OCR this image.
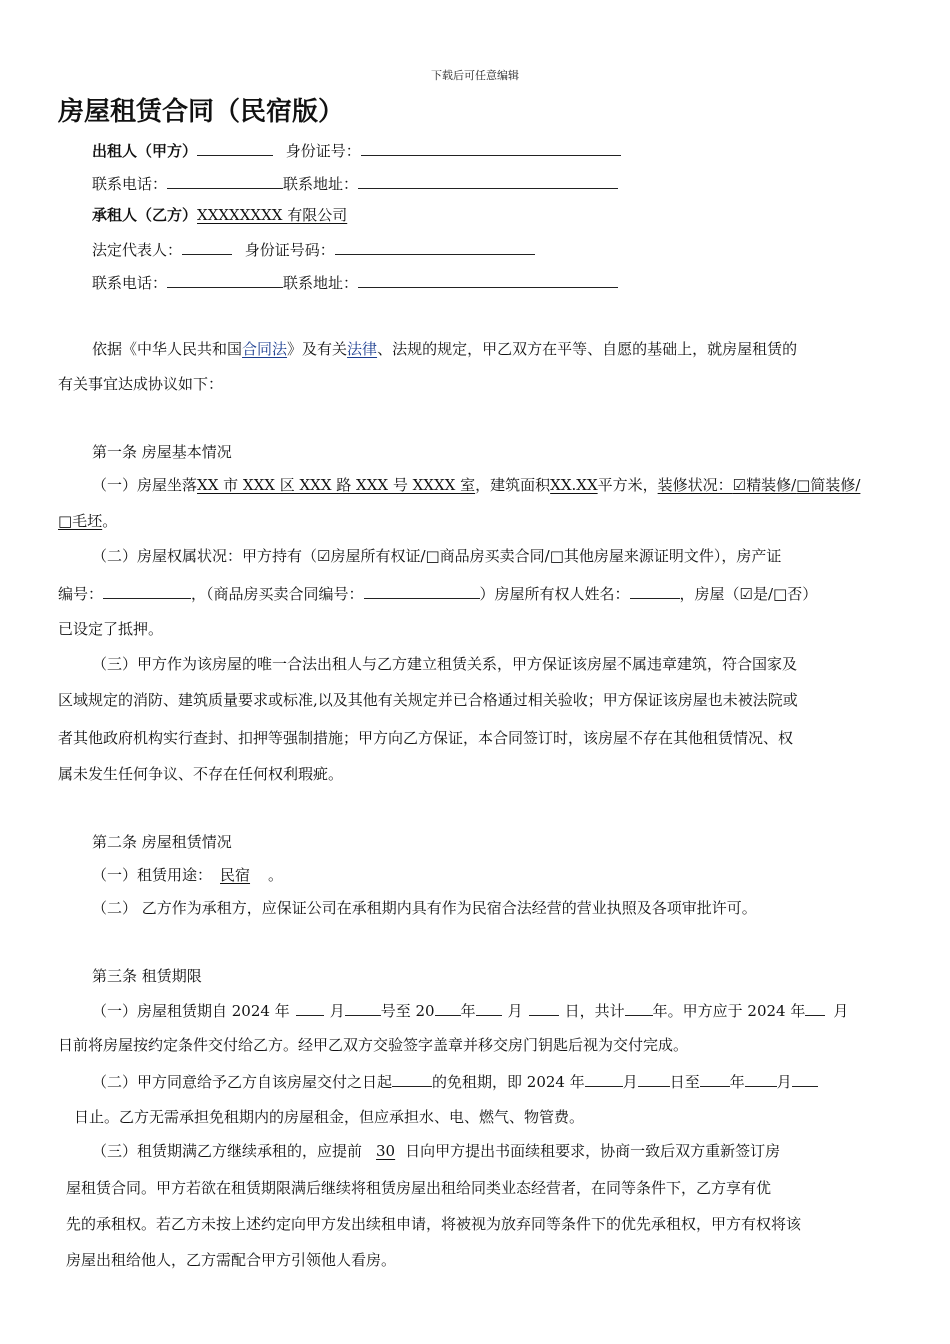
下载后可任意编辑
房屋租赁合同（民宿版）
出租人（甲方）	身份证号：
联系电话：	联系地址：
承租人（乙方）XXXXXXXX 有限公司
法定代表人：	身份证号码：
联系电话：	联系地址：
依据《中华人民共和国合同法》及有关法律、法规的规定，甲乙双方在平等、自愿的基础上，就房屋租赁的
有关事宜达成协议如下：
第一条 房屋基本情况
（一）房屋坐落XX 市 XXX 区 XXX 路 XXX 号 XXXX 室，建筑面积XX.XX平方米，装修状况：☑精装修/□简装修/
□毛坯。
（二）房屋权属状况：甲方持有（☑房屋所有权证/□商品房买卖合同/□其他房屋来源证明文件），房产证
编号：	，（商品房买卖合同编号：	）房屋所有权人姓名：	，房屋（☑是/□否）
已设定了抵押。
（三）甲方作为该房屋的唯一合法出租人与乙方建立租赁关系，甲方保证该房屋不属违章建筑，符合国家及
区域规定的消防、建筑质量要求或标准,以及其他有关规定并已合格通过相关验收；甲方保证该房屋也未被法院或
者其他政府机构实行查封、扣押等强制措施；甲方向乙方保证，本合同签订时，该房屋不存在其他租赁情况、权
属未发生任何争议、不存在任何权利瑕疵。
第二条 房屋租赁情况
（一）租赁用途： 民宿 。
（二） 乙方作为承租方，应保证公司在承租期内具有作为民宿合法经营的营业执照及各项审批许可。
第三条 租赁期限
（一）房屋租赁期自 2024 年	月 号至 20 年 月	日，共计 年。甲方应于 2024 年 月
日前将房屋按约定条件交付给乙方。经甲乙双方交验签字盖章并移交房门钥匙后视为交付完成。
（二）甲方同意给予乙方自该房屋交付之日起	的免租期，即 2024 年	月 日至 年 月
日止。乙方无需承担免租期内的房屋租金，但应承担水、电、燃气、物管费。
（三）租赁期满乙方继续承租的，应提前 30 日向甲方提出书面续租要求，协商一致后双方重新签订房
屋租赁合同。甲方若欲在租赁期限满后继续将租赁房屋出租给同类业态经营者，在同等条件下，乙方享有优
先的承租权。若乙方未按上述约定向甲方发出续租申请，将被视为放弃同等条件下的优先承租权，甲方有权将该
房屋出租给他人，乙方需配合甲方引领他人看房。
